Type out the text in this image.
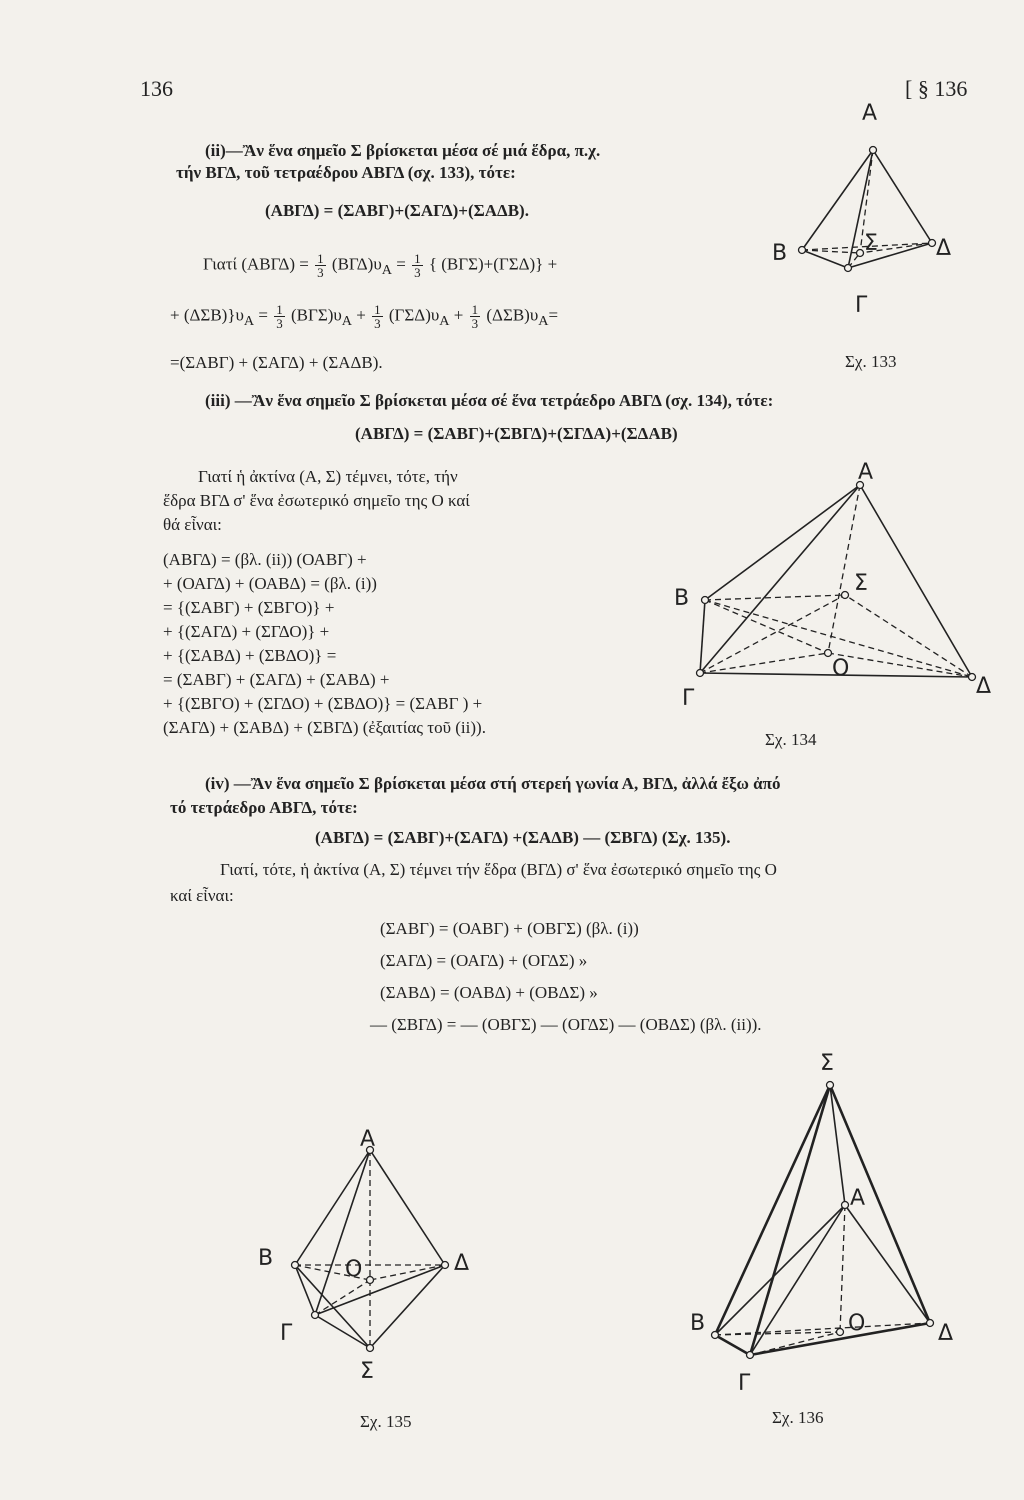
136	[ § 136
(ii)—Ἂν ἕνα σημεῖο Σ βρίσκεται μέσα σέ μιά ἕδρα, π.χ.
τήν ΒΓΔ, τοῦ τετραέδρου ΑΒΓΔ (σχ. 133), τότε:
(ΑΒΓΔ) = (ΣΑΒΓ)+(ΣΑΓΔ)+(ΣΑΔΒ).
Γιατί $(AB\Gamma\Delta) = \frac{1}{3} (B\Gamma\Delta)\upsilon_A = \frac{1}{3}$ { (ΒΓΣ)+(ΓΣΔ)} +
+ $(\Delta\Sigma B)\}\upsilon_A = \frac{1}{3} (B\Gamma\Sigma)\upsilon_A + \frac{1}{3} (\Gamma\Sigma\Delta)\upsilon_A + \frac{1}{3} (\Delta\Sigma B)\upsilon_A=$
=(ΣΑΒΓ) + (ΣΑΓΔ) + (ΣΑΔΒ).	Σχ. 133
Α
Β
Γ
Δ
Σ
(iii) —Ἂν ἕνα σημεῖο Σ βρίσκεται μέσα σέ ἕνα τετράεδρο ΑΒΓΔ (σχ. 134), τότε:
(ΑΒΓΔ) = (ΣΑΒΓ)+(ΣΒΓΔ)+(ΣΓΔΑ)+(ΣΔΑΒ)
Γιατί ἡ ἀκτίνα (Α, Σ) τέμνει, τότε, τήν
ἕδρα ΒΓΔ σ' ἕνα ἐσωτερικό σημεῖο της Ο καί
θά εἶναι:
(ΑΒΓΔ) = (βλ. (ii)) (ΟΑΒΓ) +
+ (ΟΑΓΔ) + (ΟΑΒΔ) = (βλ. (i))
= {(ΣΑΒΓ) + (ΣΒΓΟ)} +
+ {(ΣΑΓΔ) + (ΣΓΔΟ)} +
+ {(ΣΑΒΔ) + (ΣΒΔΟ)} =
= (ΣΑΒΓ) + (ΣΑΓΔ) + (ΣΑΒΔ) +
+ {(ΣΒΓΟ) + (ΣΓΔΟ) + (ΣΒΔΟ)} = (ΣΑΒΓ ) +
(ΣΑΓΔ) + (ΣΑΒΔ) + (ΣΒΓΔ) (ἐξαιτίας τοῦ (ii)).
Σχ. 134
Α
Β
Γ	Δ
Σ
Ο
(iv) —Ἂν ἕνα σημεῖο Σ βρίσκεται μέσα στή στερεή γωνία Α, ΒΓΔ, ἀλλά ἔξω ἀπό
τό τετράεδρο ΑΒΓΔ, τότε:
(ΑΒΓΔ) = (ΣΑΒΓ)+(ΣΑΓΔ) +(ΣΑΔΒ) — (ΣΒΓΔ) (Σχ. 135).
Γιατί, τότε, ἡ ἀκτίνα (Α, Σ) τέμνει τήν ἕδρα (ΒΓΔ) σ' ἕνα ἐσωτερικό σημεῖο της Ο
καί εἶναι:
(ΣΑΒΓ) = (ΟΑΒΓ) + (ΟΒΓΣ) (βλ. (i))
(ΣΑΓΔ) = (ΟΑΓΔ) + (ΟΓΔΣ) »
(ΣΑΒΔ) = (ΟΑΒΔ) + (ΟΒΔΣ) »
— (ΣΒΓΔ) = — (ΟΒΓΣ) — (ΟΓΔΣ) — (ΟΒΔΣ) (βλ. (ii)).
Α
Β
Γ
Δ
Σ
Ο
Σχ. 135
Σ
Α
Β
Γ
Δ
Ο
Σχ. 136
